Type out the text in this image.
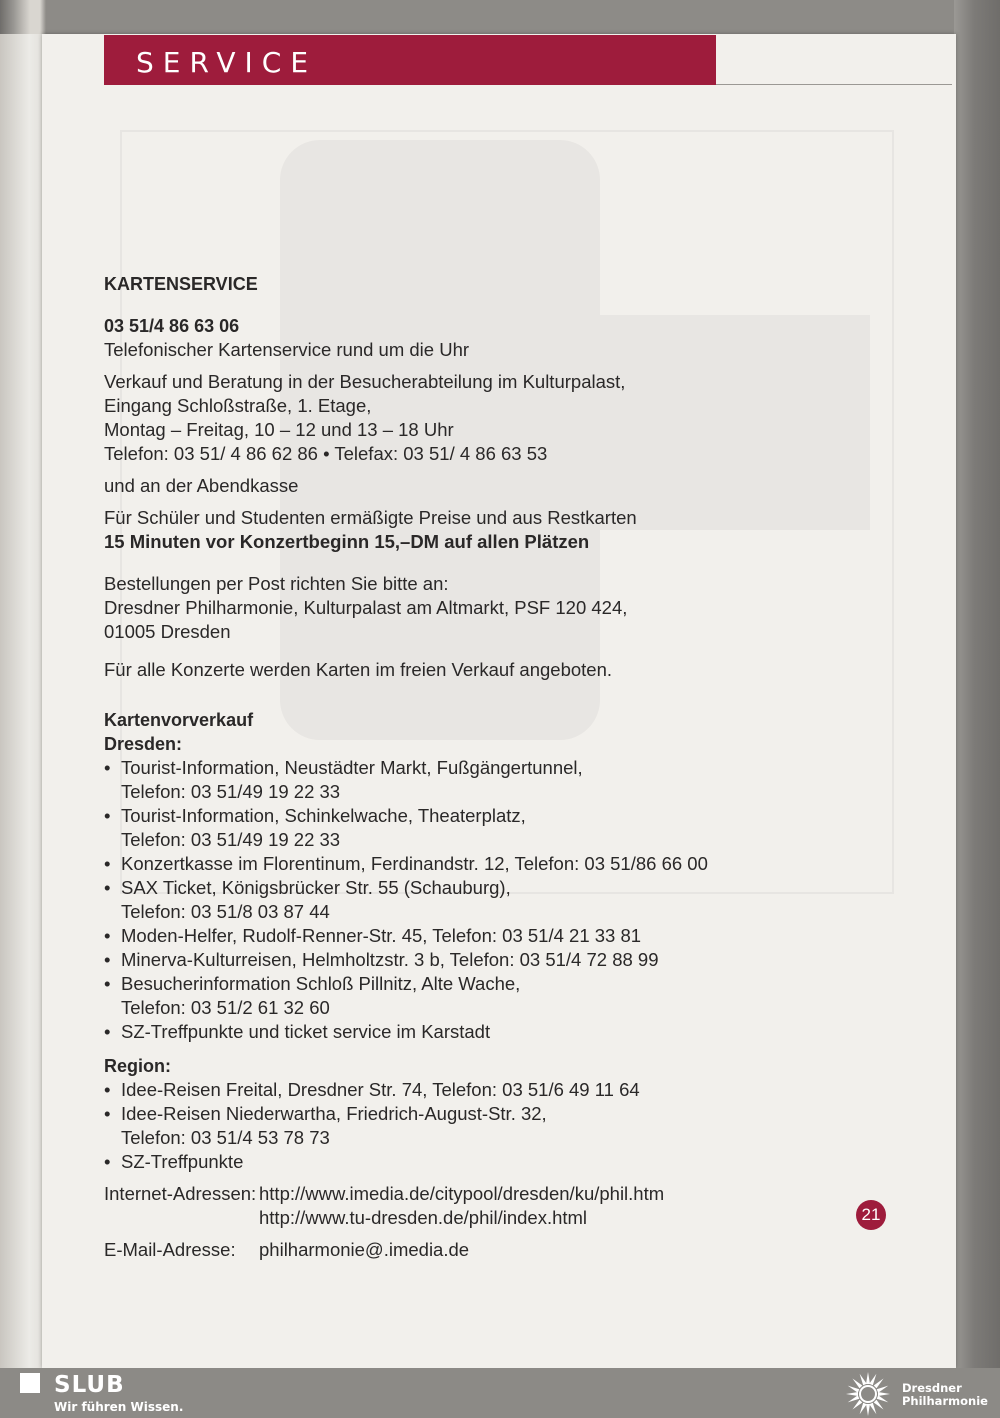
SERVICE

KARTENSERVICE

03 51/4 86 63 06

Telefonischer Kartenservice rund um die Uhr

Verkauf und Beratung in der Besucherabteilung im Kulturpalast,

Eingang Schloßstraße, 1. Etage,

Montag – Freitag, 10 – 12 und 13 – 18 Uhr

Telefon: 03 51/ 4 86 62 86 • Telefax: 03 51/ 4 86 63 53

und an der Abendkasse

Für Schüler und Studenten ermäßigte Preise und aus Restkarten

15 Minuten vor Konzertbeginn 15,–DM auf allen Plätzen

Bestellungen per Post richten Sie bitte an:

Dresdner Philharmonie, Kulturpalast am Altmarkt, PSF 120 424,

01005 Dresden

Für alle Konzerte werden Karten im freien Verkauf angeboten.

Kartenvorverkauf

Dresden:

• Tourist-Information, Neustädter Markt, Fußgängertunnel,
Telefon: 03 51/49 19 22 33
• Tourist-Information, Schinkelwache, Theaterplatz,
Telefon: 03 51/49 19 22 33
• Konzertkasse im Florentinum, Ferdinandstr. 12, Telefon: 03 51/86 66 00
• SAX Ticket, Königsbrücker Str. 55 (Schauburg),
Telefon: 03 51/8 03 87 44
• Moden-Helfer, Rudolf-Renner-Str. 45, Telefon: 03 51/4 21 33 81
• Minerva-Kulturreisen, Helmholtzstr. 3 b, Telefon: 03 51/4 72 88 99
• Besucherinformation Schloß Pillnitz, Alte Wache,
Telefon: 03 51/2 61 32 60
• SZ-Treffpunkte und ticket service im Karstadt

Region:

• Idee-Reisen Freital, Dresdner Str. 74, Telefon: 03 51/6 49 11 64
• Idee-Reisen Niederwartha, Friedrich-August-Str. 32,
Telefon: 03 51/4 53 78 73
• SZ-Treffpunkte
Internet-Adressen: http://www.imedia.de/citypool/dresden/ku/phil.htm
http://www.tu-dresden.de/phil/index.html
E-Mail-Adresse:	philharmonie@.imedia.de
21
SLUB
Wir führen Wissen.
Dresdner
Philharmonie
